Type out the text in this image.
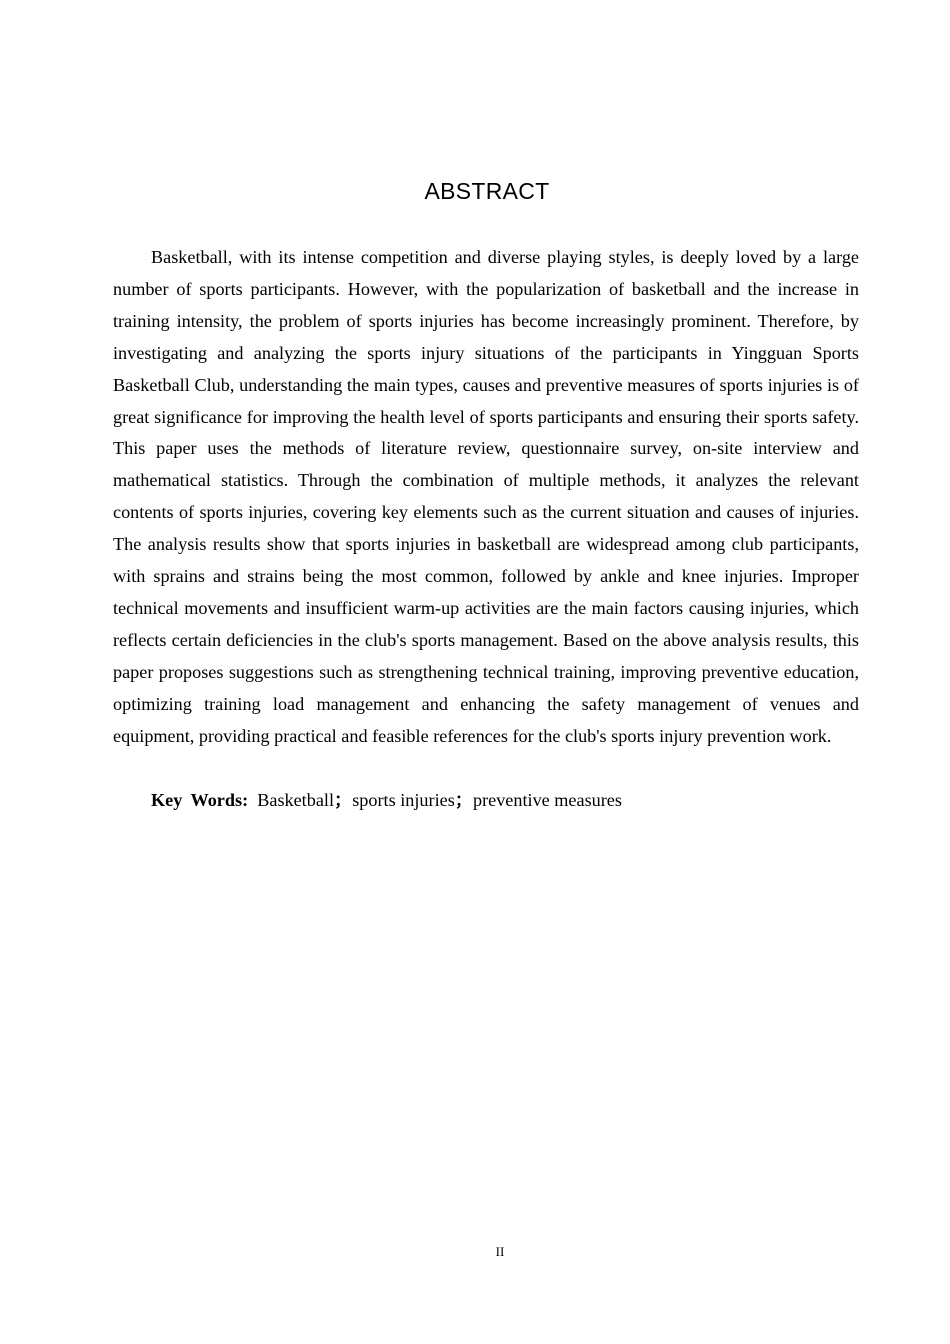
ABSTRACT

Basketball, with its intense competition and diverse playing styles, is deeply loved by a large number of sports participants. However, with the popularization of basketball and the increase in training intensity, the problem of sports injuries has become increasingly prominent. Therefore, by investigating and analyzing the sports injury situations of the participants in Yingguan Sports Basketball Club, understanding the main types, causes and preventive measures of sports injuries is of great significance for improving the health level of sports participants and ensuring their sports safety. This paper uses the methods of literature review, questionnaire survey, on-site interview and mathematical statistics. Through the combination of multiple methods, it analyzes the relevant contents of sports injuries, covering key elements such as the current situation and causes of injuries. The analysis results show that sports injuries in basketball are widespread among club participants, with sprains and strains being the most common, followed by ankle and knee injuries. Improper technical movements and insufficient warm-up activities are the main factors causing injuries, which reflects certain deficiencies in the club's sports management. Based on the above analysis results, this paper proposes suggestions such as strengthening technical training, improving preventive education, optimizing training load management and enhancing the safety management of venues and equipment, providing practical and feasible references for the club's sports injury prevention work.

Key Words: Basketball；sports injuries；preventive measures

II
